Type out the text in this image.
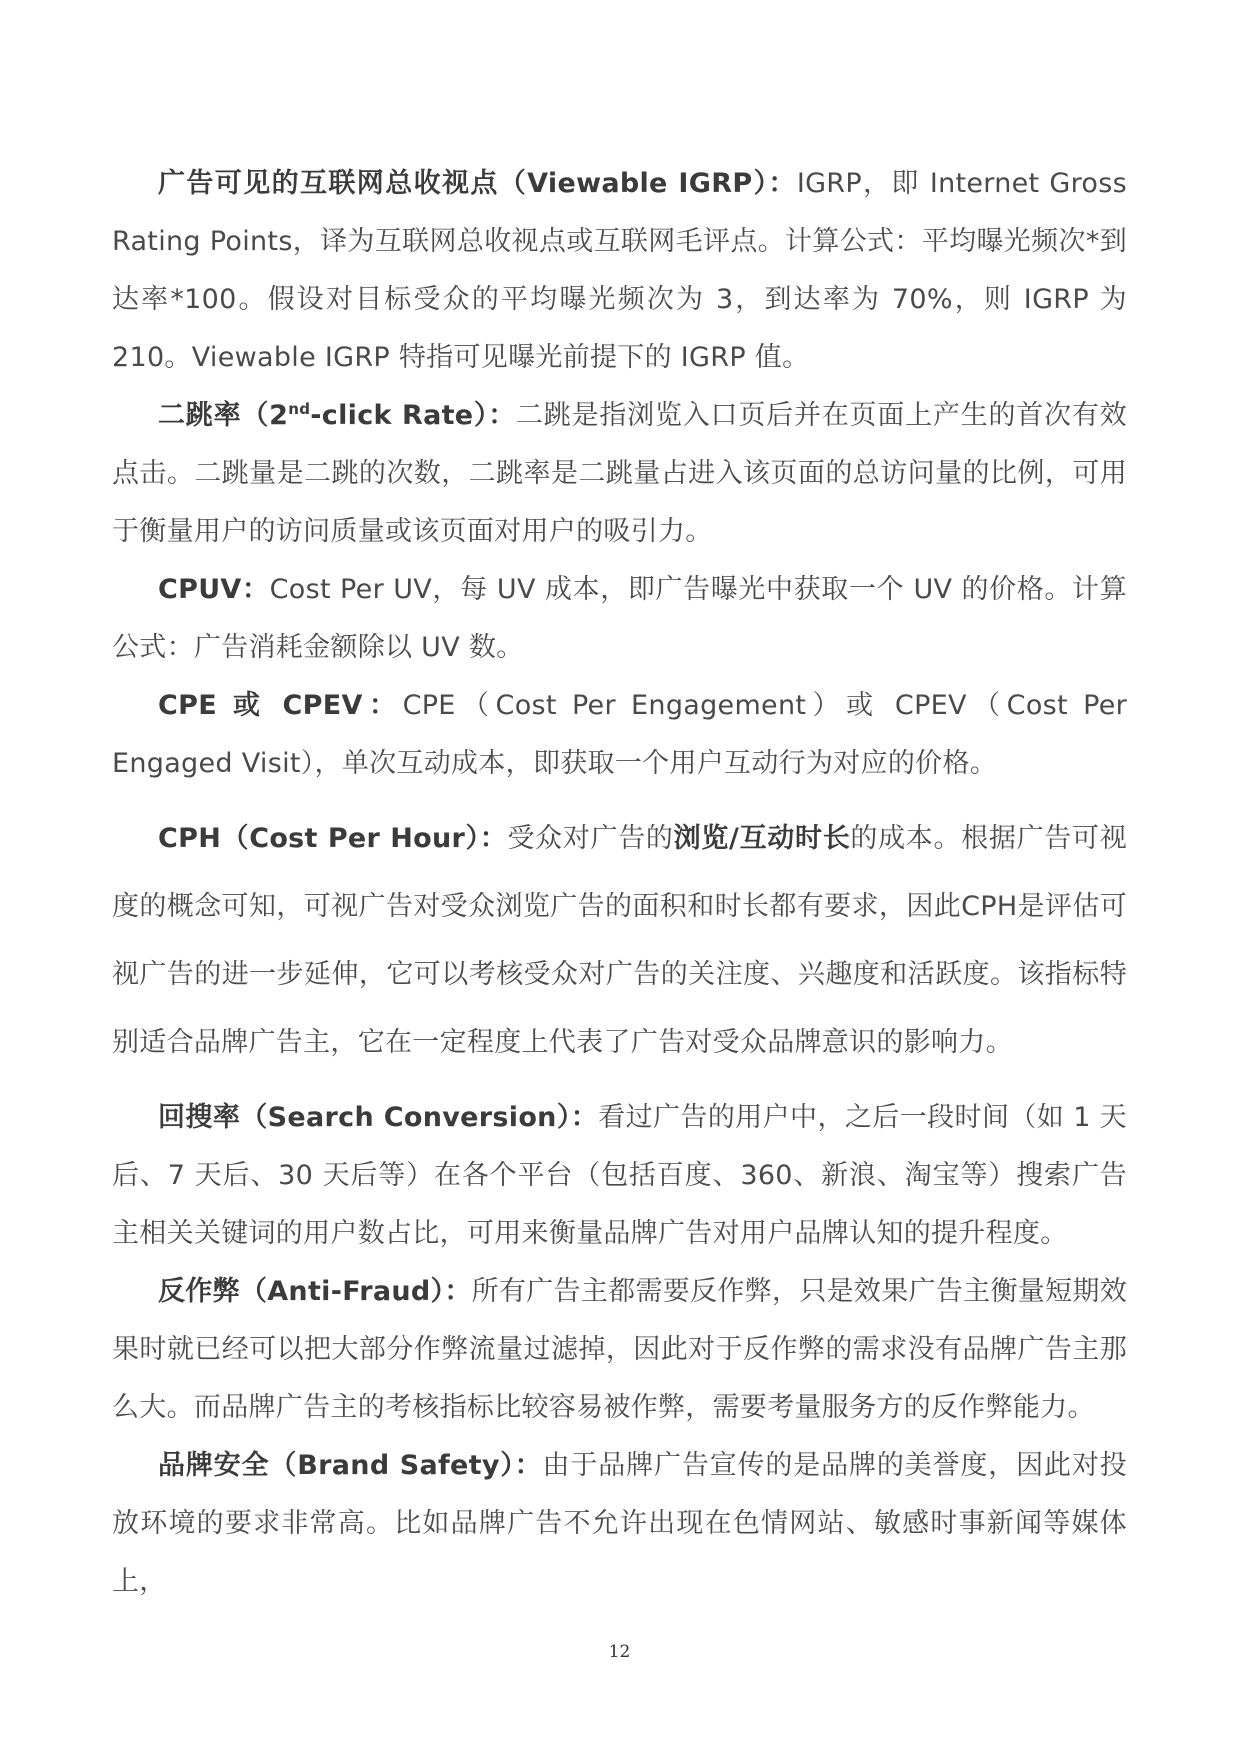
广告可见的互联网总收视点（Viewable IGRP）：IGRP，即 Internet Gross Rating Points，译为互联网总收视点或互联网毛评点。计算公式：平均曝光频次*到达率*100。假设对目标受众的平均曝光频次为 3，到达率为 70%，则 IGRP 为 210。Viewable IGRP 特指可见曝光前提下的 IGRP 值。

二跳率（2nd-click Rate）：二跳是指浏览入口页后并在页面上产生的首次有效点击。二跳量是二跳的次数，二跳率是二跳量占进入该页面的总访问量的比例，可用于衡量用户的访问质量或该页面对用户的吸引力。

CPUV：Cost Per UV，每 UV 成本，即广告曝光中获取一个 UV 的价格。计算公式：广告消耗金额除以 UV 数。

CPE 或 CPEV：CPE（Cost Per Engagement）或 CPEV（Cost Per Engaged Visit），单次互动成本，即获取一个用户互动行为对应的价格。

CPH（Cost Per Hour）：受众对广告的浏览/互动时长的成本。根据广告可视度的概念可知，可视广告对受众浏览广告的面积和时长都有要求，因此CPH是评估可视广告的进一步延伸，它可以考核受众对广告的关注度、兴趣度和活跃度。该指标特别适合品牌广告主，它在一定程度上代表了广告对受众品牌意识的影响力。

回搜率（Search Conversion）：看过广告的用户中，之后一段时间（如 1 天后、7 天后、30 天后等）在各个平台（包括百度、360、新浪、淘宝等）搜索广告主相关关键词的用户数占比，可用来衡量品牌广告对用户品牌认知的提升程度。

反作弊（Anti-Fraud）：所有广告主都需要反作弊，只是效果广告主衡量短期效果时就已经可以把大部分作弊流量过滤掉，因此对于反作弊的需求没有品牌广告主那么大。而品牌广告主的考核指标比较容易被作弊，需要考量服务方的反作弊能力。

品牌安全（Brand Safety）：由于品牌广告宣传的是品牌的美誉度，因此对投放环境的要求非常高。比如品牌广告不允许出现在色情网站、敏感时事新闻等媒体上，

12
